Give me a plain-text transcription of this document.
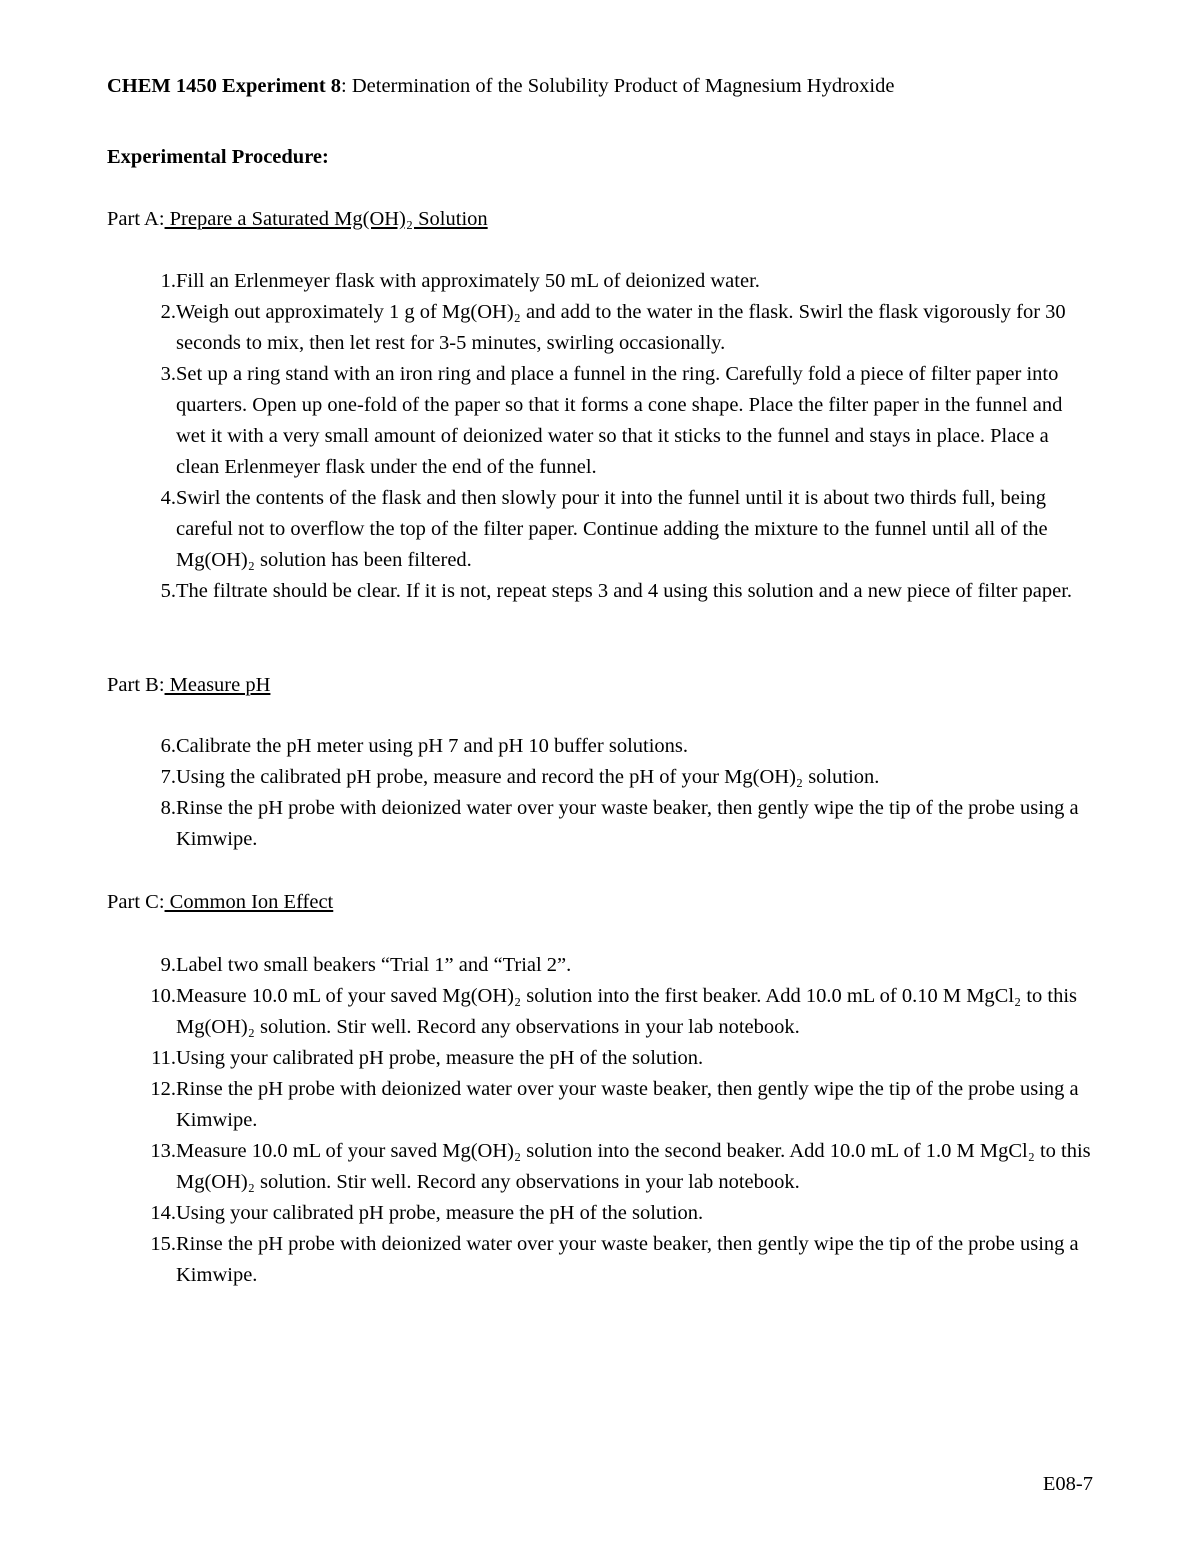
CHEM 1450 Experiment 8: Determination of the Solubility Product of Magnesium Hydroxide
Experimental Procedure:
Part A: Prepare a Saturated Mg(OH)₂ Solution
1. Fill an Erlenmeyer flask with approximately 50 mL of deionized water.
2. Weigh out approximately 1 g of Mg(OH)₂ and add to the water in the flask. Swirl the flask vigorously for 30 seconds to mix, then let rest for 3-5 minutes, swirling occasionally.
3. Set up a ring stand with an iron ring and place a funnel in the ring. Carefully fold a piece of filter paper into quarters. Open up one-fold of the paper so that it forms a cone shape. Place the filter paper in the funnel and wet it with a very small amount of deionized water so that it sticks to the funnel and stays in place. Place a clean Erlenmeyer flask under the end of the funnel.
4. Swirl the contents of the flask and then slowly pour it into the funnel until it is about two thirds full, being careful not to overflow the top of the filter paper. Continue adding the mixture to the funnel until all of the Mg(OH)₂ solution has been filtered.
5. The filtrate should be clear. If it is not, repeat steps 3 and 4 using this solution and a new piece of filter paper.
Part B: Measure pH
6. Calibrate the pH meter using pH 7 and pH 10 buffer solutions.
7. Using the calibrated pH probe, measure and record the pH of your Mg(OH)₂ solution.
8. Rinse the pH probe with deionized water over your waste beaker, then gently wipe the tip of the probe using a Kimwipe.
Part C: Common Ion Effect
9. Label two small beakers “Trial 1” and “Trial 2”.
10. Measure 10.0 mL of your saved Mg(OH)₂ solution into the first beaker. Add 10.0 mL of 0.10 M MgCl₂ to this Mg(OH)₂ solution. Stir well. Record any observations in your lab notebook.
11. Using your calibrated pH probe, measure the pH of the solution.
12. Rinse the pH probe with deionized water over your waste beaker, then gently wipe the tip of the probe using a Kimwipe.
13. Measure 10.0 mL of your saved Mg(OH)₂ solution into the second beaker. Add 10.0 mL of 1.0 M MgCl₂ to this Mg(OH)₂ solution. Stir well. Record any observations in your lab notebook.
14. Using your calibrated pH probe, measure the pH of the solution.
15. Rinse the pH probe with deionized water over your waste beaker, then gently wipe the tip of the probe using a Kimwipe.
E08-7
